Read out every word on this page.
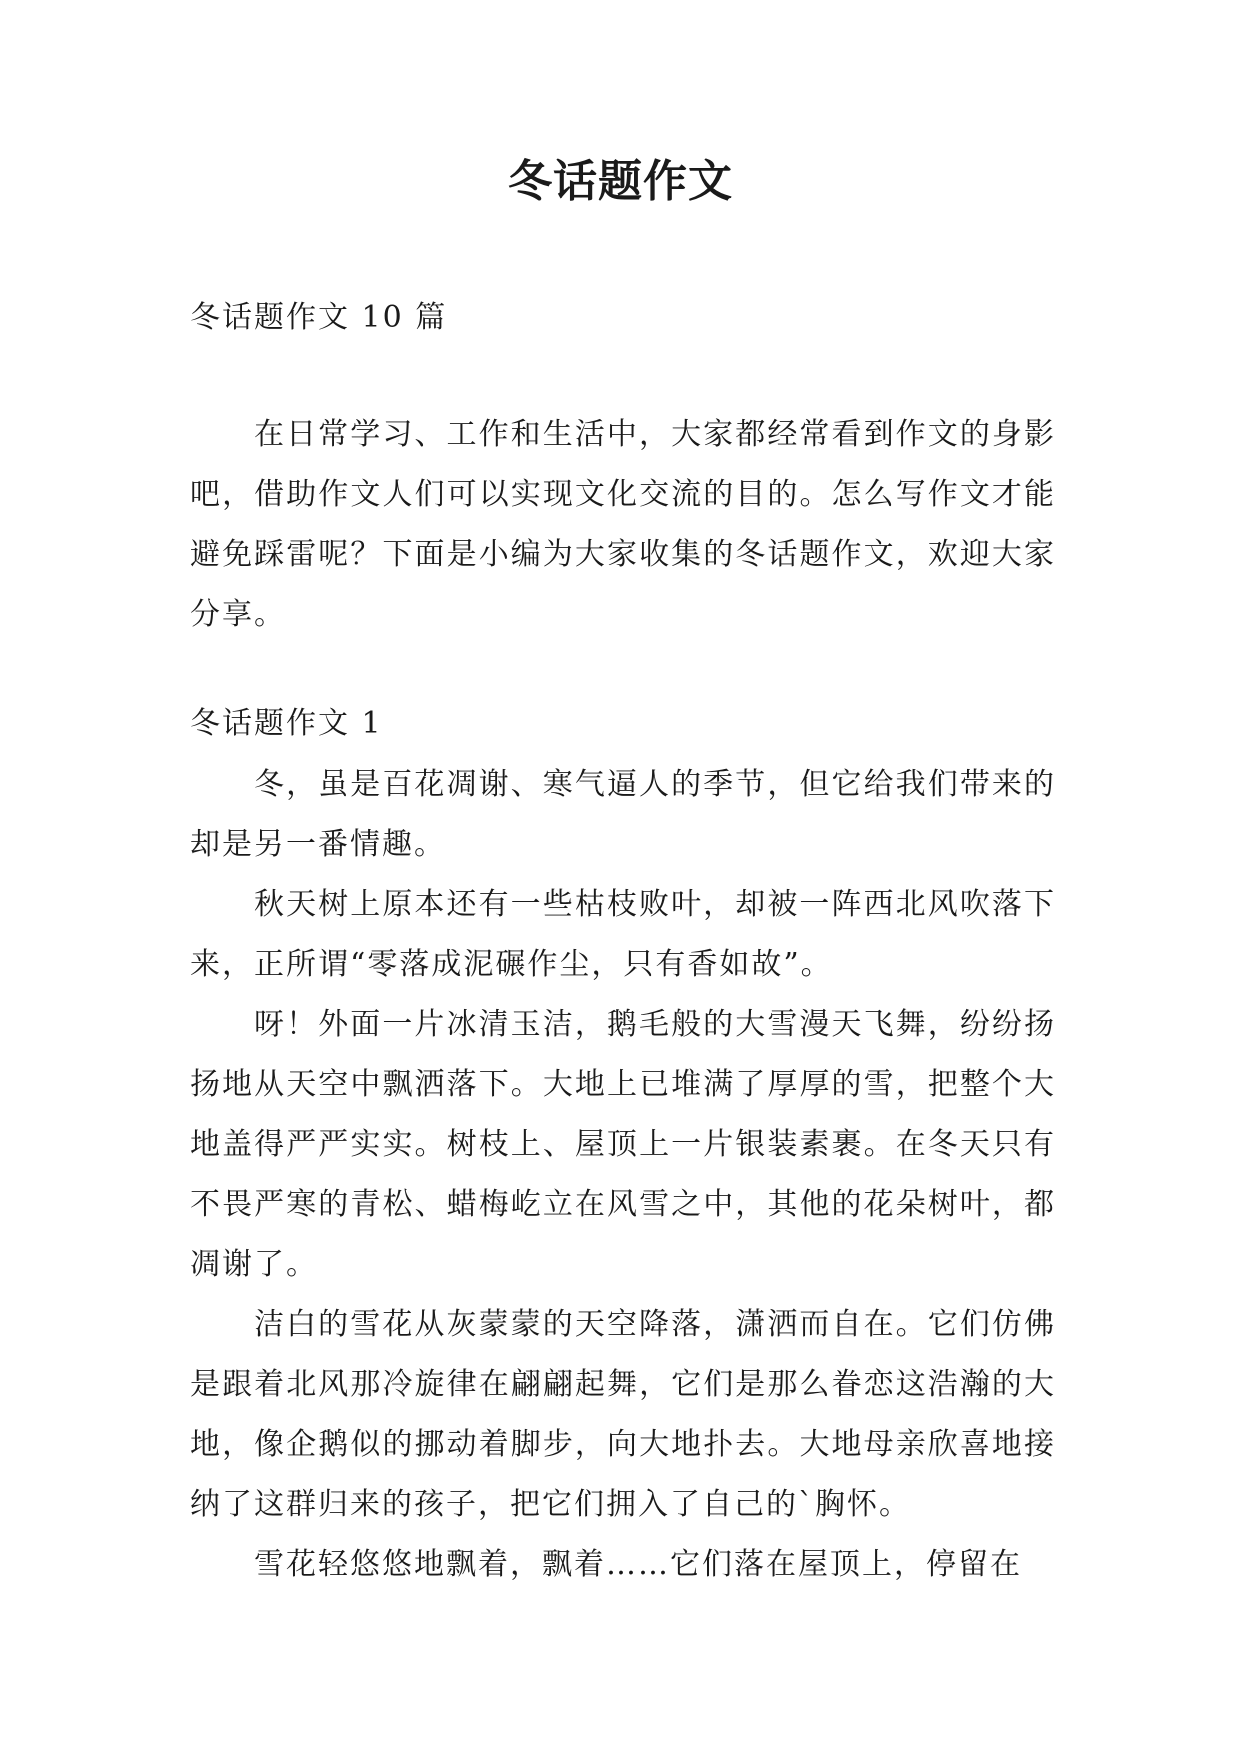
冬话题作文

冬话题作文 10 篇

在日常学习、工作和生活中，大家都经常看到作文的身影吧，借助作文人们可以实现文化交流的目的。怎么写作文才能避免踩雷呢？下面是小编为大家收集的冬话题作文，欢迎大家分享。

冬话题作文 1

冬，虽是百花凋谢、寒气逼人的季节，但它给我们带来的却是另一番情趣。

秋天树上原本还有一些枯枝败叶，却被一阵西北风吹落下来，正所谓“零落成泥碾作尘，只有香如故”。

呀！外面一片冰清玉洁，鹅毛般的大雪漫天飞舞，纷纷扬扬地从天空中飘洒落下。大地上已堆满了厚厚的雪，把整个大地盖得严严实实。树枝上、屋顶上一片银装素裹。在冬天只有不畏严寒的青松、蜡梅屹立在风雪之中，其他的花朵树叶，都凋谢了。

洁白的雪花从灰蒙蒙的天空降落，潇洒而自在。它们仿佛是跟着北风那冷旋律在翩翩起舞，它们是那么眷恋这浩瀚的大地，像企鹅似的挪动着脚步，向大地扑去。大地母亲欣喜地接纳了这群归来的孩子，把它们拥入了自己的`胸怀。

雪花轻悠悠地飘着，飘着……它们落在屋顶上，停留在
